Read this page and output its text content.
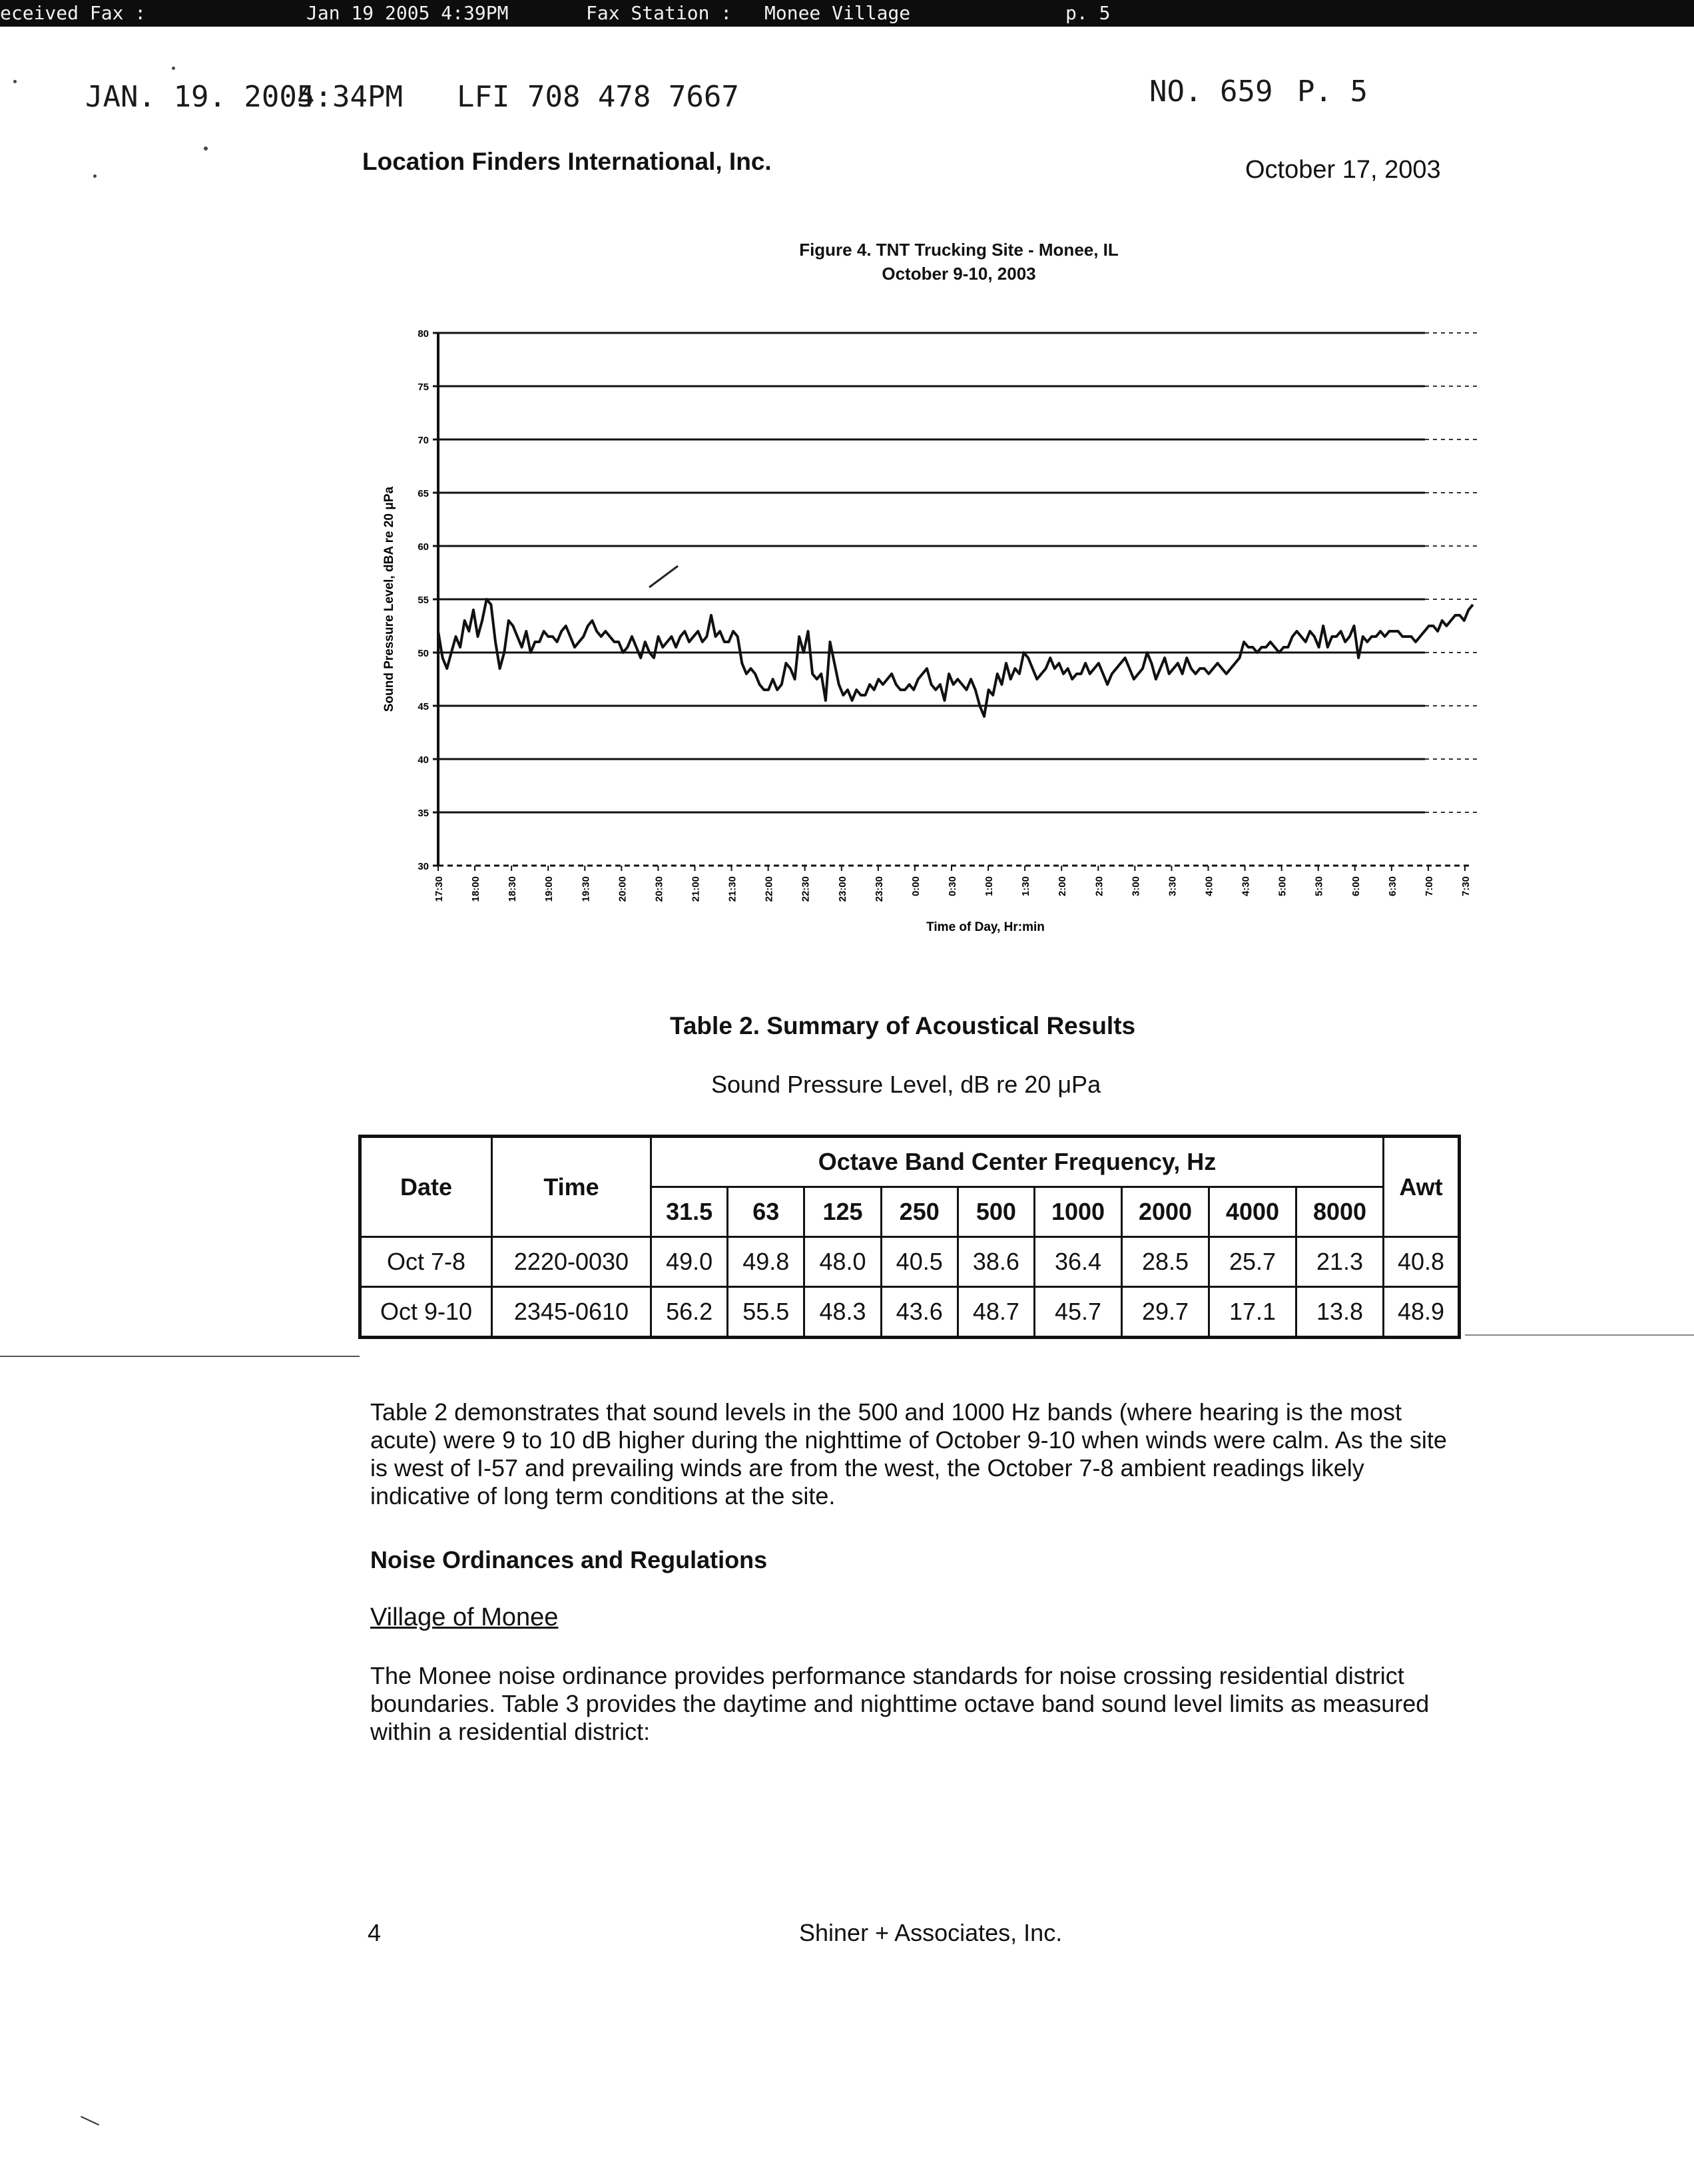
eceived Fax :	Jan 19 2005 4:39PM	Fax Station : Monee Village	p. 5
JAN. 19. 2005
4:34PM LFI 708 478 7667	NO. 659 P. 5
Location Finders International, Inc.	October 17, 2003
Figure 4. TNT Trucking Site - Monee, IL
October 9-10, 2003
30
35
40
45
50
55
60
65
70
75
80
17:30	18:00	18:30	19:00	19:30	20:00	20:30	21:00	21:30	22:00	22:30	23:00	23:30	0:00	0:30	1:00	1:30	2:00	2:30	3:00	3:30	4:00	4:30	5:00	5:30	6:00	6:30	7:00	7:30
Sound Pressure Level, dBA re 20 μPa
Time of Day, Hr:min
Table 2. Summary of Acoustical Results
Sound Pressure Level, dB re 20 μPa
Date	Time	Octave Band Center Frequency, Hz									Awt
		31.5	63	125	250	500	1000	2000	4000	8000	
Oct 7-8	2220-0030	49.0	49.8	48.0	40.5	38.6	36.4	28.5	25.7	21.3	40.8
Oct 9-10	2345-0610	56.2	55.5	48.3	43.6	48.7	45.7	29.7	17.1	13.8	48.9
Table 2 demonstrates that sound levels in the 500 and 1000 Hz bands (where hearing is the most acute) were 9 to 10 dB higher during the nighttime of October 9-10 when winds were calm. As the site is west of I-57 and prevailing winds are from the west, the October 7-8 ambient readings likely indicative of long term conditions at the site.
Noise Ordinances and Regulations
Village of Monee
The Monee noise ordinance provides performance standards for noise crossing residential district boundaries. Table 3 provides the daytime and nighttime octave band sound level limits as measured within a residential district:
4	Shiner + Associates, Inc.
